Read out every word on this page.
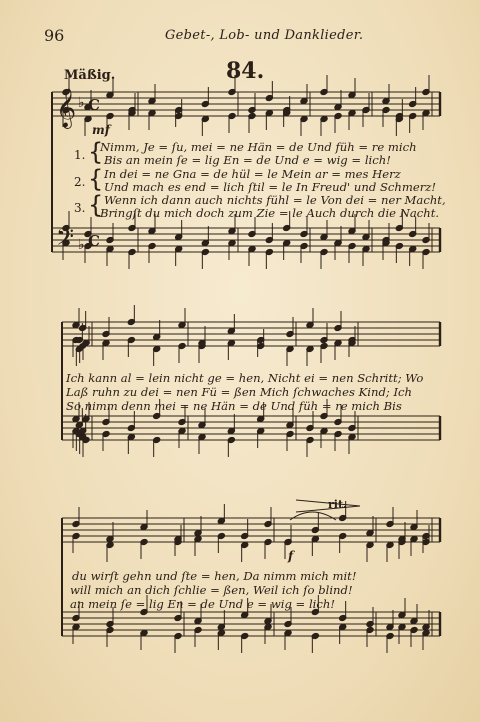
96	Gebet-, Lob- und Danklieder.
84.
Mäßig.
mf
f
rit.
𝄞
𝄢
♭
♭
C
C
1.
2.
3.
{
{
{
Nimm, Je = ſu, mei = ne Hän = de Und füh = re mich
Bis an mein ſe = lig En = de Und e = wig = lich!
In dei = ne Gna = de hül = le Mein ar = mes Herz
Und mach es end = lich ſtil = le In Freud' und Schmerz!
Wenn ich dann auch nichts fühl = le Von dei = ner Macht,
Bringſt du mich doch zum Zie = le Auch durch die Nacht.
Ich kann al = lein nicht ge = hen, Nicht ei = nen Schritt; Wo
Laß ruhn zu dei = nen Fü = ßen Mich ſchwaches Kind; Ich
So nimm denn mei = ne Hän = de Und füh = re mich Bis
du wirſt gehn und ſte = hen, Da nimm mich mit!
will mich an dich ſchlie = ßen, Weil ich ſo blind!
an mein ſe = lig En = de Und e = wig = lich!
